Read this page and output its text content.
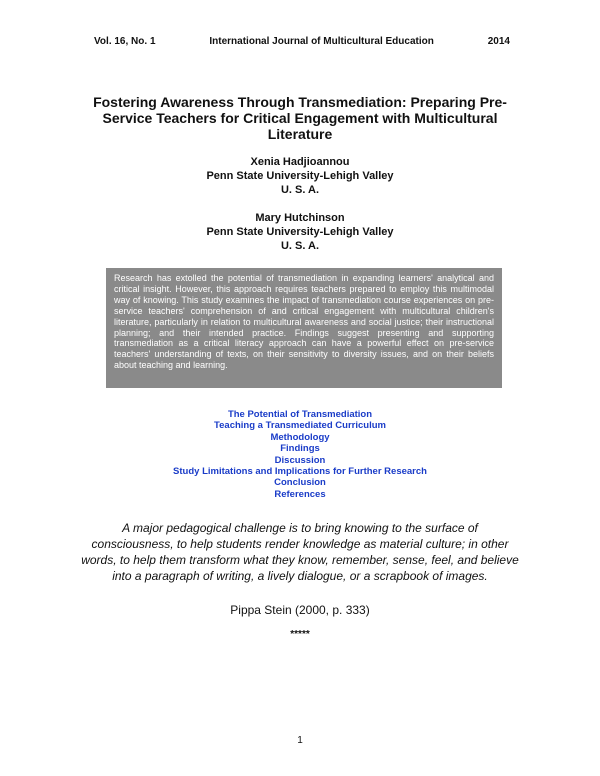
Vol. 16, No. 1	International Journal of Multicultural Education	2014
Fostering Awareness Through Transmediation: Preparing Pre-Service Teachers for Critical Engagement with Multicultural Literature
Xenia Hadjioannou
Penn State University-Lehigh Valley
U. S. A.
Mary Hutchinson
Penn State University-Lehigh Valley
U. S. A.
Research has extolled the potential of transmediation in expanding learners' analytical and critical insight. However, this approach requires teachers prepared to employ this multimodal way of knowing. This study examines the impact of transmediation course experiences on pre-service teachers' comprehension of and critical engagement with multicultural children's literature, particularly in relation to multicultural awareness and social justice; their instructional planning; and their intended practice. Findings suggest presenting and supporting transmediation as a critical literacy approach can have a powerful effect on pre-service teachers' understanding of texts, on their sensitivity to diversity issues, and on their beliefs about teaching and learning.
The Potential of Transmediation
Teaching a Transmediated Curriculum
Methodology
Findings
Discussion
Study Limitations and Implications for Further Research
Conclusion
References

A major pedagogical challenge is to bring knowing to the surface of consciousness, to help students render knowledge as material culture; in other words, to help them transform what they know, remember, sense, feel, and believe into a paragraph of writing, a lively dialogue, or a scrapbook of images.

Pippa Stein (2000, p. 333)
*****
1
